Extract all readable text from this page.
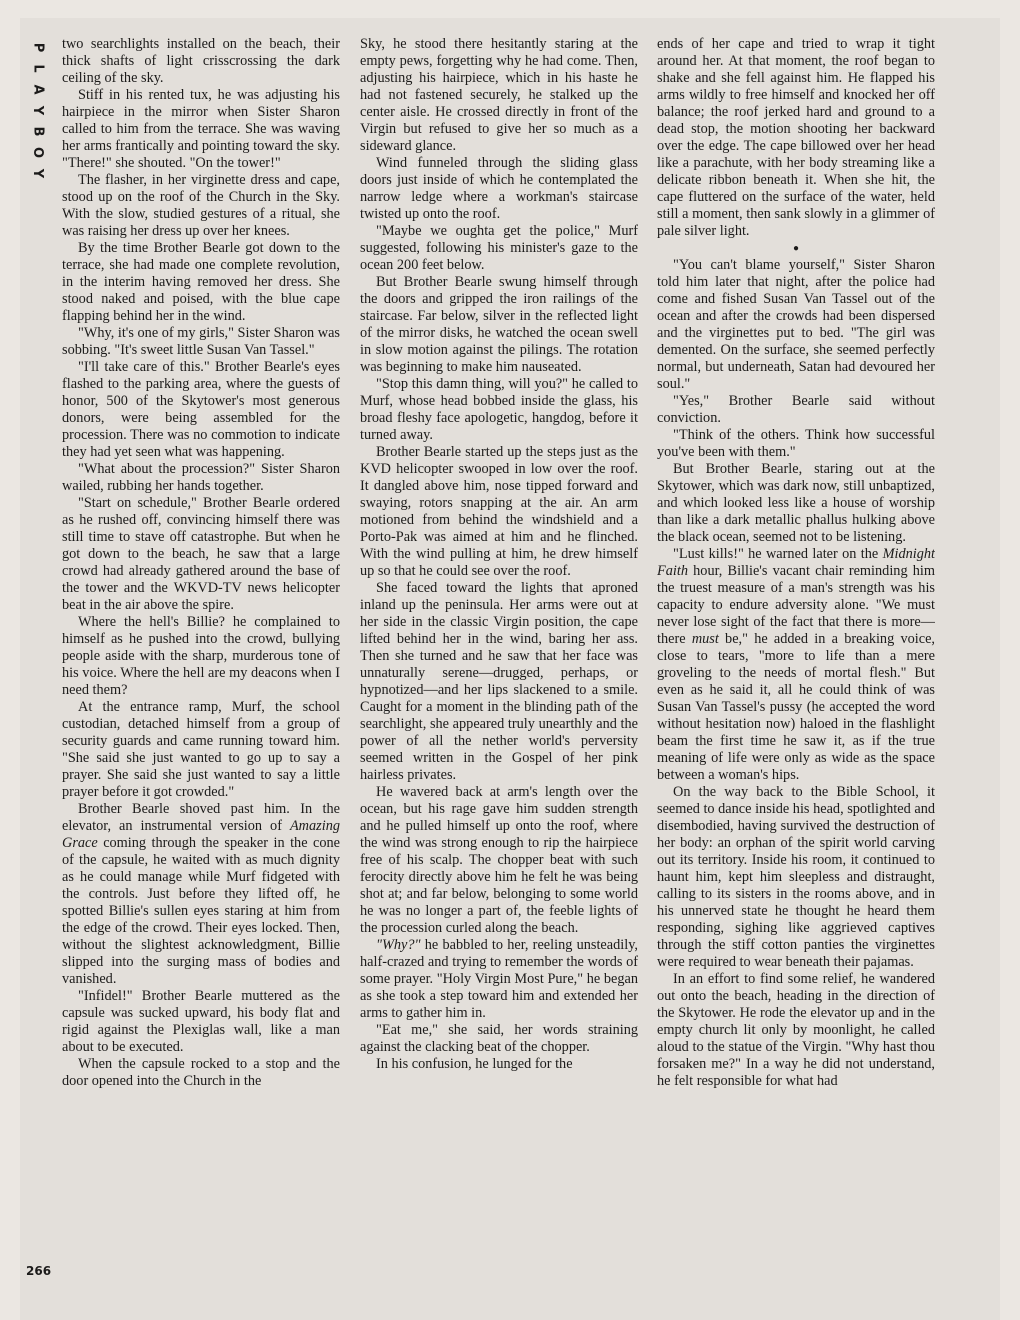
P
L
A
Y
B
O
Y
266

two searchlights installed on the beach, their thick shafts of light crisscrossing the dark ceiling of the sky.

Stiff in his rented tux, he was adjusting his hairpiece in the mirror when Sister Sharon called to him from the terrace. She was waving her arms frantically and pointing toward the sky. "There!" she shouted. "On the tower!"

The flasher, in her virginette dress and cape, stood up on the roof of the Church in the Sky. With the slow, studied gestures of a ritual, she was raising her dress up over her knees.

By the time Brother Bearle got down to the terrace, she had made one complete revolution, in the interim having removed her dress. She stood naked and poised, with the blue cape flapping behind her in the wind.

"Why, it's one of my girls," Sister Sharon was sobbing. "It's sweet little Susan Van Tassel."

"I'll take care of this." Brother Bearle's eyes flashed to the parking area, where the guests of honor, 500 of the Skytower's most generous donors, were being assembled for the procession. There was no commotion to indicate they had yet seen what was happening.

"What about the procession?" Sister Sharon wailed, rubbing her hands together.

"Start on schedule," Brother Bearle ordered as he rushed off, convincing himself there was still time to stave off catastrophe. But when he got down to the beach, he saw that a large crowd had already gathered around the base of the tower and the WKVD-TV news helicopter beat in the air above the spire.

Where the hell's Billie? he complained to himself as he pushed into the crowd, bullying people aside with the sharp, murderous tone of his voice. Where the hell are my deacons when I need them?

At the entrance ramp, Murf, the school custodian, detached himself from a group of security guards and came running toward him. "She said she just wanted to go up to say a prayer. She said she just wanted to say a little prayer before it got crowded."

Brother Bearle shoved past him. In the elevator, an instrumental version of Amazing Grace coming through the speaker in the cone of the capsule, he waited with as much dignity as he could manage while Murf fidgeted with the controls. Just before they lifted off, he spotted Billie's sullen eyes staring at him from the edge of the crowd. Their eyes locked. Then, without the slightest acknowledgment, Billie slipped into the surging mass of bodies and vanished.

"Infidel!" Brother Bearle muttered as the capsule was sucked upward, his body flat and rigid against the Plexiglas wall, like a man about to be executed.

When the capsule rocked to a stop and the door opened into the Church in the

Sky, he stood there hesitantly staring at the empty pews, forgetting why he had come. Then, adjusting his hairpiece, which in his haste he had not fastened securely, he stalked up the center aisle. He crossed directly in front of the Virgin but refused to give her so much as a sideward glance.

Wind funneled through the sliding glass doors just inside of which he contemplated the narrow ledge where a workman's staircase twisted up onto the roof.

"Maybe we oughta get the police," Murf suggested, following his minister's gaze to the ocean 200 feet below.

But Brother Bearle swung himself through the doors and gripped the iron railings of the staircase. Far below, silver in the reflected light of the mirror disks, he watched the ocean swell in slow motion against the pilings. The rotation was beginning to make him nauseated.

"Stop this damn thing, will you?" he called to Murf, whose head bobbed inside the glass, his broad fleshy face apologetic, hangdog, before it turned away.

Brother Bearle started up the steps just as the KVD helicopter swooped in low over the roof. It dangled above him, nose tipped forward and swaying, rotors snapping at the air. An arm motioned from behind the windshield and a Porto-Pak was aimed at him and he flinched. With the wind pulling at him, he drew himself up so that he could see over the roof.

She faced toward the lights that aproned inland up the peninsula. Her arms were out at her side in the classic Virgin position, the cape lifted behind her in the wind, baring her ass. Then she turned and he saw that her face was unnaturally serene—drugged, perhaps, or hypnotized—and her lips slackened to a smile. Caught for a moment in the blinding path of the searchlight, she appeared truly unearthly and the power of all the nether world's perversity seemed written in the Gospel of her pink hairless privates.

He wavered back at arm's length over the ocean, but his rage gave him sudden strength and he pulled himself up onto the roof, where the wind was strong enough to rip the hairpiece free of his scalp. The chopper beat with such ferocity directly above him he felt he was being shot at; and far below, belonging to some world he was no longer a part of, the feeble lights of the procession curled along the beach.

"Why?" he babbled to her, reeling unsteadily, half-crazed and trying to remember the words of some prayer. "Holy Virgin Most Pure," he began as she took a step toward him and extended her arms to gather him in.

"Eat me," she said, her words straining against the clacking beat of the chopper.

In his confusion, he lunged for the

ends of her cape and tried to wrap it tight around her. At that moment, the roof began to shake and she fell against him. He flapped his arms wildly to free himself and knocked her off balance; the roof jerked hard and ground to a dead stop, the motion shooting her backward over the edge. The cape billowed over her head like a parachute, with her body streaming like a delicate ribbon beneath it. When she hit, the cape fluttered on the surface of the water, held still a moment, then sank slowly in a glimmer of pale silver light.

●

"You can't blame yourself," Sister Sharon told him later that night, after the police had come and fished Susan Van Tassel out of the ocean and after the crowds had been dispersed and the virginettes put to bed. "The girl was demented. On the surface, she seemed perfectly normal, but underneath, Satan had devoured her soul."

"Yes," Brother Bearle said without conviction.

"Think of the others. Think how successful you've been with them."

But Brother Bearle, staring out at the Skytower, which was dark now, still unbaptized, and which looked less like a house of worship than like a dark metallic phallus hulking above the black ocean, seemed not to be listening.

"Lust kills!" he warned later on the Midnight Faith hour, Billie's vacant chair reminding him the truest measure of a man's strength was his capacity to endure adversity alone. "We must never lose sight of the fact that there is more—there must be," he added in a breaking voice, close to tears, "more to life than a mere groveling to the needs of mortal flesh." But even as he said it, all he could think of was Susan Van Tassel's pussy (he accepted the word without hesitation now) haloed in the flashlight beam the first time he saw it, as if the true meaning of life were only as wide as the space between a woman's hips.

On the way back to the Bible School, it seemed to dance inside his head, spotlighted and disembodied, having survived the destruction of her body: an orphan of the spirit world carving out its territory. Inside his room, it continued to haunt him, kept him sleepless and distraught, calling to its sisters in the rooms above, and in his unnerved state he thought he heard them responding, sighing like aggrieved captives through the stiff cotton panties the virginettes were required to wear beneath their pajamas.

In an effort to find some relief, he wandered out onto the beach, heading in the direction of the Skytower. He rode the elevator up and in the empty church lit only by moonlight, he called aloud to the statue of the Virgin. "Why hast thou forsaken me?" In a way he did not understand, he felt responsible for what had
